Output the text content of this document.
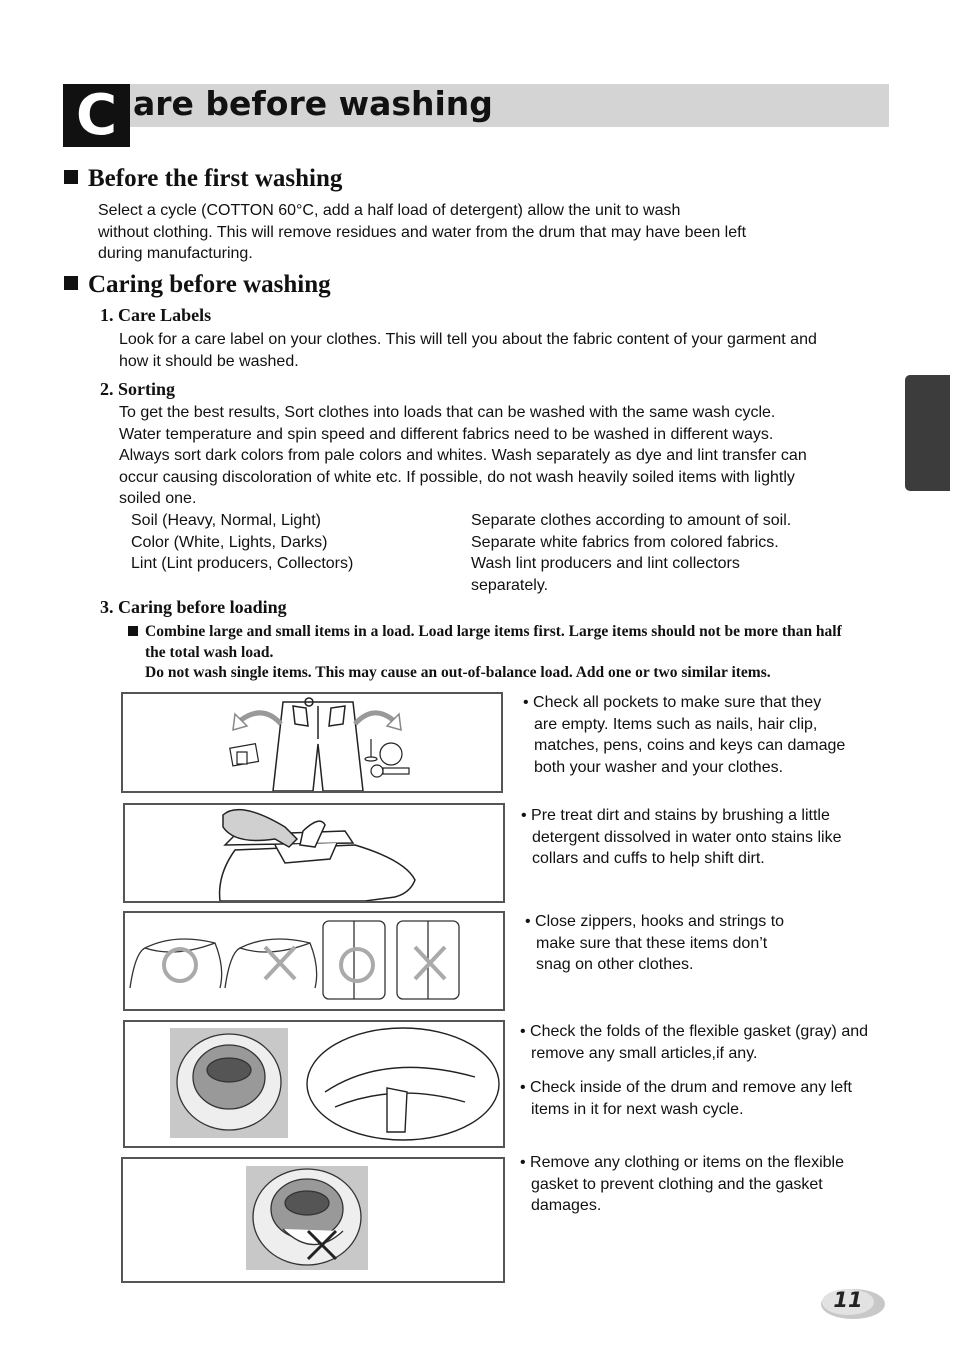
C are before washing
Before the first washing
Select a cycle (COTTON 60°C, add a half load of detergent) allow the unit to wash
without clothing. This will remove residues and water from the drum that may have been left
during manufacturing.
Caring before washing
1. Care Labels
Look for a care label on your clothes. This will tell you about the fabric content of your garment and
how it should be washed.
2. Sorting
To get the best results, Sort clothes into loads that can be washed with the same wash cycle.
Water temperature and spin speed and different fabrics need to be washed in different ways.
Always sort dark colors from pale colors and whites. Wash separately as dye and lint transfer can
occur causing discoloration of white etc. If possible, do not wash heavily soiled items with lightly
soiled one.
Soil (Heavy, Normal, Light)
Color (White, Lights, Darks)
Lint (Lint producers, Collectors)
Separate clothes according to amount of soil.
Separate white fabrics from colored fabrics.
Wash lint producers and lint collectors
separately.
3. Caring before loading
Combine large and small items in a load. Load large items first. Large items should not be more than half
the total wash load.
Do not wash single items. This may cause an out-of-balance load. Add one or two similar items.

• Check all pockets to make sure that they

are empty. Items such as nails, hair clip,

matches, pens, coins and keys can damage

both your washer and your clothes.

• Pre treat dirt and stains by brushing a little

detergent dissolved in water onto stains like

collars and cuffs to help shift dirt.

• Close zippers, hooks and strings to

make sure that these items don’t

snag on other clothes.

• Check the folds of the flexible gasket (gray) and

remove any small articles,if any.

• Check inside of the drum and remove any left

items in it for next wash cycle.

• Remove any clothing or items on the flexible

gasket to prevent clothing and the gasket

damages.

11
